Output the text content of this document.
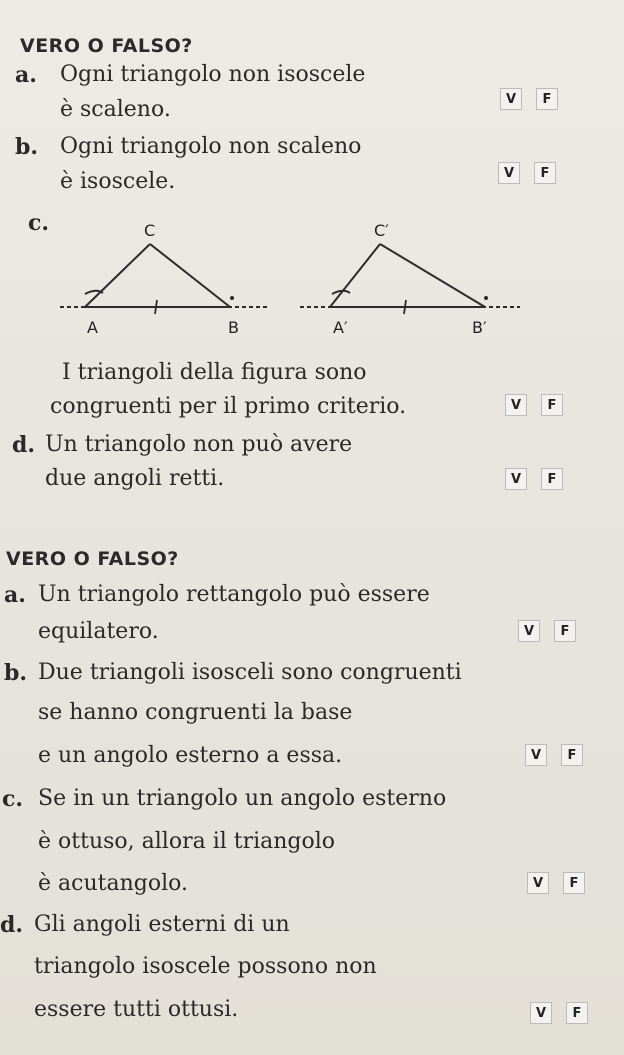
VERO O FALSO?
a. Ogni triangolo non isoscele
è scaleno.	V	F
b. Ogni triangolo non scaleno
è isoscele.	V	F
c.	C
A	B
C′
A′	B′
I triangoli della figura sono
congruenti per il primo criterio.	V	F
d. Un triangolo non può avere
due angoli retti.	V	F
VERO O FALSO?
a. Un triangolo rettangolo può essere
equilatero.	V	F
b. Due triangoli isosceli sono congruenti
se hanno congruenti la base
e un angolo esterno a essa.	V	F
c. Se in un triangolo un angolo esterno
è ottuso, allora il triangolo
è acutangolo.	V	F
d. Gli angoli esterni di un
triangolo isoscele possono non
essere tutti ottusi.	V	F
